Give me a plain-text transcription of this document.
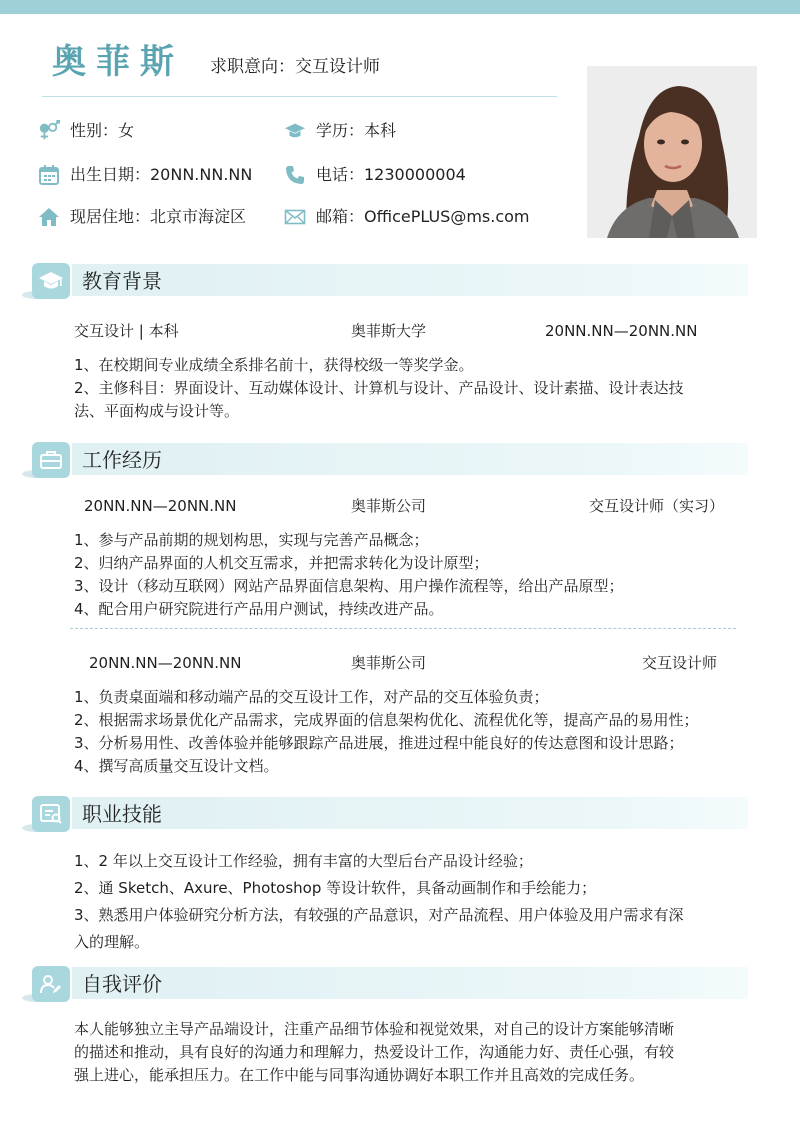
奥菲斯 求职意向：交互设计师
性别：女	学历：本科
出生日期：20NN.NN.NN	电话：1230000004
现居住地：北京市海淀区	邮箱：OfficePLUS@ms.com
教育背景
交互设计 | 本科	奥菲斯大学	20NN.NN—20NN.NN

1、在校期间专业成绩全系排名前十，获得校级一等奖学金。

2、主修科目：界面设计、互动媒体设计、计算机与设计、产品设计、设计素描、设计表达技

法、平面构成与设计等。

工作经历
20NN.NN—20NN.NN	奥菲斯公司	交互设计师（实习）

1、参与产品前期的规划构思，实现与完善产品概念；

2、归纳产品界面的人机交互需求，并把需求转化为设计原型；

3、设计（移动互联网）网站产品界面信息架构、用户操作流程等，给出产品原型；

4、配合用户研究院进行产品用户测试，持续改进产品。

20NN.NN—20NN.NN	奥菲斯公司	交互设计师

1、负责桌面端和移动端产品的交互设计工作，对产品的交互体验负责；

2、根据需求场景优化产品需求，完成界面的信息架构优化、流程优化等，提高产品的易用性；

3、分析易用性、改善体验并能够跟踪产品进展，推进过程中能良好的传达意图和设计思路；

4、撰写高质量交互设计文档。

职业技能

1、2 年以上交互设计工作经验，拥有丰富的大型后台产品设计经验；

2、通 Sketch、Axure、Photoshop 等设计软件，具备动画制作和手绘能力；

3、熟悉用户体验研究分析方法，有较强的产品意识，对产品流程、用户体验及用户需求有深

入的理解。

自我评价

本人能够独立主导产品端设计，注重产品细节体验和视觉效果，对自己的设计方案能够清晰

的描述和推动，具有良好的沟通力和理解力，热爱设计工作，沟通能力好、责任心强，有较

强上进心，能承担压力。在工作中能与同事沟通协调好本职工作并且高效的完成任务。
